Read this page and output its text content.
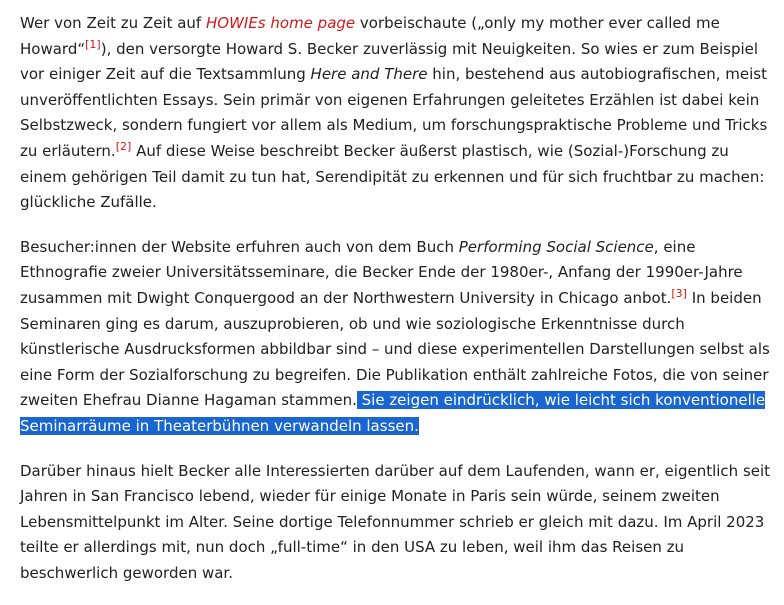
Wer von Zeit zu Zeit auf HOWIEs home page vorbeischaute („only my mother ever called me Howard“[1]), den versorgte Howard S. Becker zuverlässig mit Neuigkeiten. So wies er zum Beispiel vor einiger Zeit auf die Textsammlung Here and There hin, bestehend aus autobiografischen, meist unveröffentlichten Essays. Sein primär von eigenen Erfahrungen geleitetes Erzählen ist dabei kein Selbstzweck, sondern fungiert vor allem als Medium, um forschungspraktische Probleme und Tricks zu erläutern.[2] Auf diese Weise beschreibt Becker äußerst plastisch, wie (Sozial-)Forschung zu einem gehörigen Teil damit zu tun hat, Serendipität zu erkennen und für sich fruchtbar zu machen: glückliche Zufälle.

Besucher:innen der Website erfuhren auch von dem Buch Performing Social Science, eine Ethnografie zweier Universitätsseminare, die Becker Ende der 1980er-, Anfang der 1990er-Jahre zusammen mit Dwight Conquergood an der Northwestern University in Chicago anbot.[3] In beiden Seminaren ging es darum, auszuprobieren, ob und wie soziologische Erkenntnisse durch künstlerische Ausdrucksformen abbildbar sind – und diese experimentellen Darstellungen selbst als eine Form der Sozialforschung zu begreifen. Die Publikation enthält zahlreiche Fotos, die von seiner zweiten Ehefrau Dianne Hagaman stammen. Sie zeigen eindrücklich, wie leicht sich konventionelle Seminarräume in Theaterbühnen verwandeln lassen.

Darüber hinaus hielt Becker alle Interessierten darüber auf dem Laufenden, wann er, eigentlich seit Jahren in San Francisco lebend, wieder für einige Monate in Paris sein würde, seinem zweiten Lebensmittelpunkt im Alter. Seine dortige Telefonnummer schrieb er gleich mit dazu. Im April 2023 teilte er allerdings mit, nun doch „full-time“ in den USA zu leben, weil ihm das Reisen zu beschwerlich geworden war.
